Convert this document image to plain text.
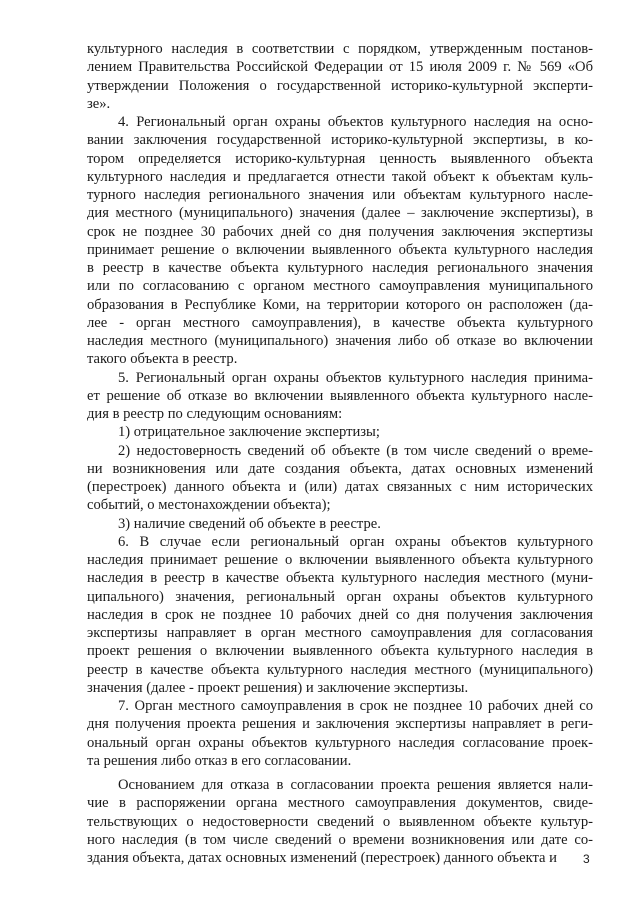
культурного наследия в соответствии с порядком, утвержденным постанов-
лением Правительства Российской Федерации от 15 июля 2009 г. № 569 «Об
утверждении Положения о государственной историко-культурной эксперти-
зе».
4. Региональный орган охраны объектов культурного наследия на осно-
вании заключения государственной историко-культурной экспертизы, в ко-
тором определяется историко-культурная ценность выявленного объекта
культурного наследия и предлагается отнести такой объект к объектам куль-
турного наследия регионального значения или объектам культурного насле-
дия местного (муниципального) значения (далее – заключение экспертизы), в
срок не позднее 30 рабочих дней со дня получения заключения экспертизы
принимает решение о включении выявленного объекта культурного наследия
в реестр в качестве объекта культурного наследия регионального значения
или по согласованию с органом местного самоуправления муниципального
образования в Республике Коми, на территории которого он расположен (да-
лее - орган местного самоуправления), в качестве объекта культурного
наследия местного (муниципального) значения либо об отказе во включении
такого объекта в реестр.
5. Региональный орган охраны объектов культурного наследия принима-
ет решение об отказе во включении выявленного объекта культурного насле-
дия в реестр по следующим основаниям:
1) отрицательное заключение экспертизы;
2) недостоверность сведений об объекте (в том числе сведений о време-
ни возникновения или дате создания объекта, датах основных изменений
(перестроек) данного объекта и (или) датах связанных с ним исторических
событий, о местонахождении объекта);
3) наличие сведений об объекте в реестре.
6. В случае если региональный орган охраны объектов культурного
наследия принимает решение о включении выявленного объекта культурного
наследия в реестр в качестве объекта культурного наследия местного (муни-
ципального) значения, региональный орган охраны объектов культурного
наследия в срок не позднее 10 рабочих дней со дня получения заключения
экспертизы направляет в орган местного самоуправления для согласования
проект решения о включении выявленного объекта культурного наследия в
реестр в качестве объекта культурного наследия местного (муниципального)
значения (далее - проект решения) и заключение экспертизы.
7. Орган местного самоуправления в срок не позднее 10 рабочих дней со
дня получения проекта решения и заключения экспертизы направляет в реги-
ональный орган охраны объектов культурного наследия согласование проек-
та решения либо отказ в его согласовании.
Основанием для отказа в согласовании проекта решения является нали-
чие в распоряжении органа местного самоуправления документов, свиде-
тельствующих о недостоверности сведений о выявленном объекте культур-
ного наследия (в том числе сведений о времени возникновения или дате со-
здания объекта, датах основных изменений (перестроек) данного объекта и	3
